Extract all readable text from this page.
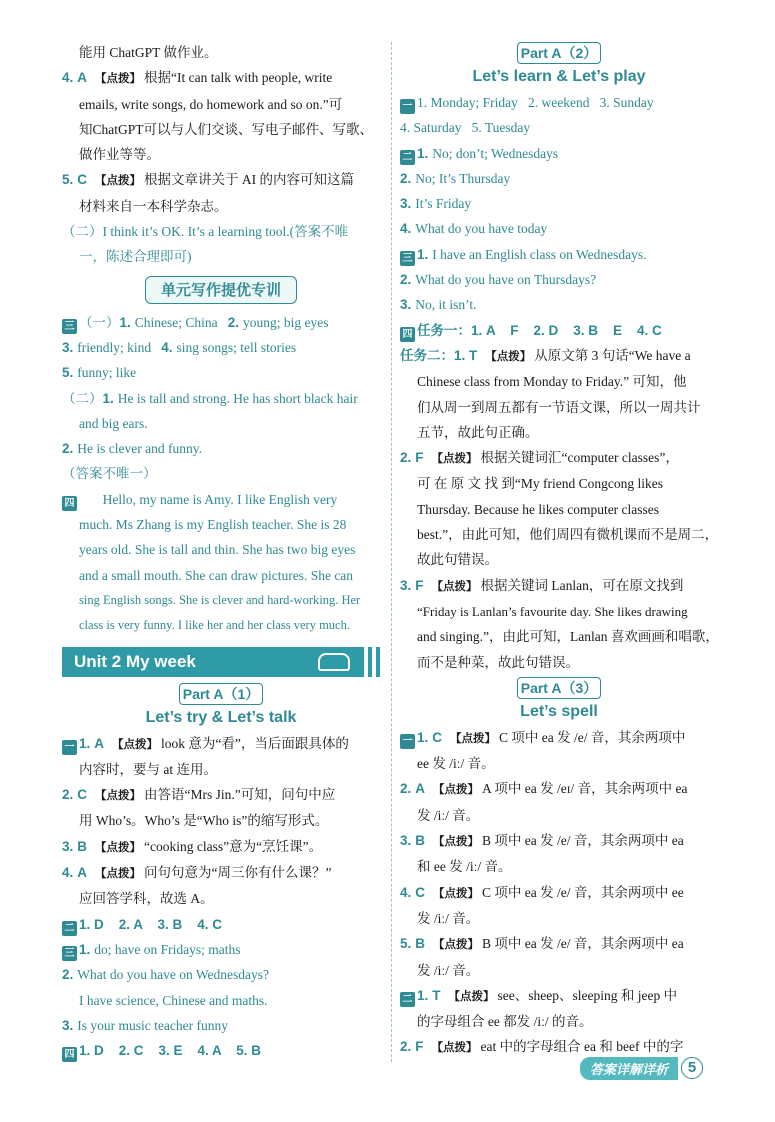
能用 ChatGPT 做作业。
4. A 【点拨】 根据“It can talk with people, write
emails, write songs, do homework and so on.”可
知ChatGPT可以与人们交谈、写电子邮件、写歌、
做作业等等。
5. C 【点拨】 根据文章讲关于 AI 的内容可知这篇
材料来自一本科学杂志。
（二）I think it’s OK. It’s a learning tool.(答案不唯
一，陈述合理即可)
单元写作提优专训
三 （一）1. Chinese; China 2. young; big eyes
3. friendly; kind 4. sing songs; tell stories
5. funny; like
（二）1. He is tall and strong. He has short black hair
and big ears.
2. He is clever and funny.
（答案不唯一）
四 Hello, my name is Amy. I like English very
much. Ms Zhang is my English teacher. She is 28
years old. She is tall and thin. She has two big eyes
and a small mouth. She can draw pictures. She can
sing English songs. She is clever and hard-working. Her
class is very funny. I like her and her class very much.
Unit 2 My week
Part A（1）
Let’s try & Let’s talk
一 1. A 【点拨】 look 意为“看”，当后面跟具体的
内容时，要与 at 连用。
2. C 【点拨】 由答语“Mrs Jin.”可知，问句中应
用 Who’s。Who’s 是“Who is”的缩写形式。
3. B 【点拨】 “cooking class”意为“烹饪课”。
4. A 【点拨】 问句句意为“周三你有什么课？”
应回答学科，故选 A。
二 1. D    2. A    3. B    4. C
三 1. do; have on Fridays; maths
2. What do you have on Wednesdays?
I have science, Chinese and maths.
3. Is your music teacher funny
四 1. D    2. C    3. E    4. A    5. B
Part A（2）
Let’s learn & Let’s play
一 1. Monday; Friday   2. weekend   3. Sunday
4. Saturday   5. Tuesday
二 1. No; don’t; Wednesdays
2. No; It’s Thursday
3. It’s Friday
4. What do you have today
三 1. I have an English class on Wednesdays.
2. What do you have on Thursdays?
3. No, it isn’t.
四 任务一：1. A    F    2. D    3. B    E    4. C
任务二：1. T 【点拨】 从原文第 3 句话“We have a
Chinese class from Monday to Friday.” 可知，他
们从周一到周五都有一节语文课，所以一周共计
五节，故此句正确。
2. F 【点拨】 根据关键词汇“computer classes”，
可 在 原 文 找 到“My friend Congcong likes
Thursday. Because he likes computer classes
best.”，由此可知，他们周四有微机课而不是周二，
故此句错误。
3. F 【点拨】 根据关键词 Lanlan，可在原文找到
“Friday is Lanlan’s favourite day. She likes drawing
and singing.”，由此可知，Lanlan 喜欢画画和唱歌，
而不是种菜，故此句错误。
Part A（3）
Let’s spell
一 1. C 【点拨】 C 项中 ea 发 /e/ 音，其余两项中
ee 发 /iː/ 音。
2. A 【点拨】 A 项中 ea 发 /eɪ/ 音，其余两项中 ea
发 /iː/ 音。
3. B 【点拨】 B 项中 ea 发 /e/ 音，其余两项中 ea
和 ee 发 /iː/ 音。
4. C 【点拨】 C 项中 ea 发 /e/ 音，其余两项中 ee
发 /iː/ 音。
5. B 【点拨】 B 项中 ea 发 /e/ 音，其余两项中 ea
发 /iː/ 音。
二 1. T 【点拨】 see、sheep、sleeping 和 jeep 中
的字母组合 ee 都发 /iː/ 的音。
2. F 【点拨】 eat 中的字母组合 ea 和 beef 中的字
答案详解详析	5
